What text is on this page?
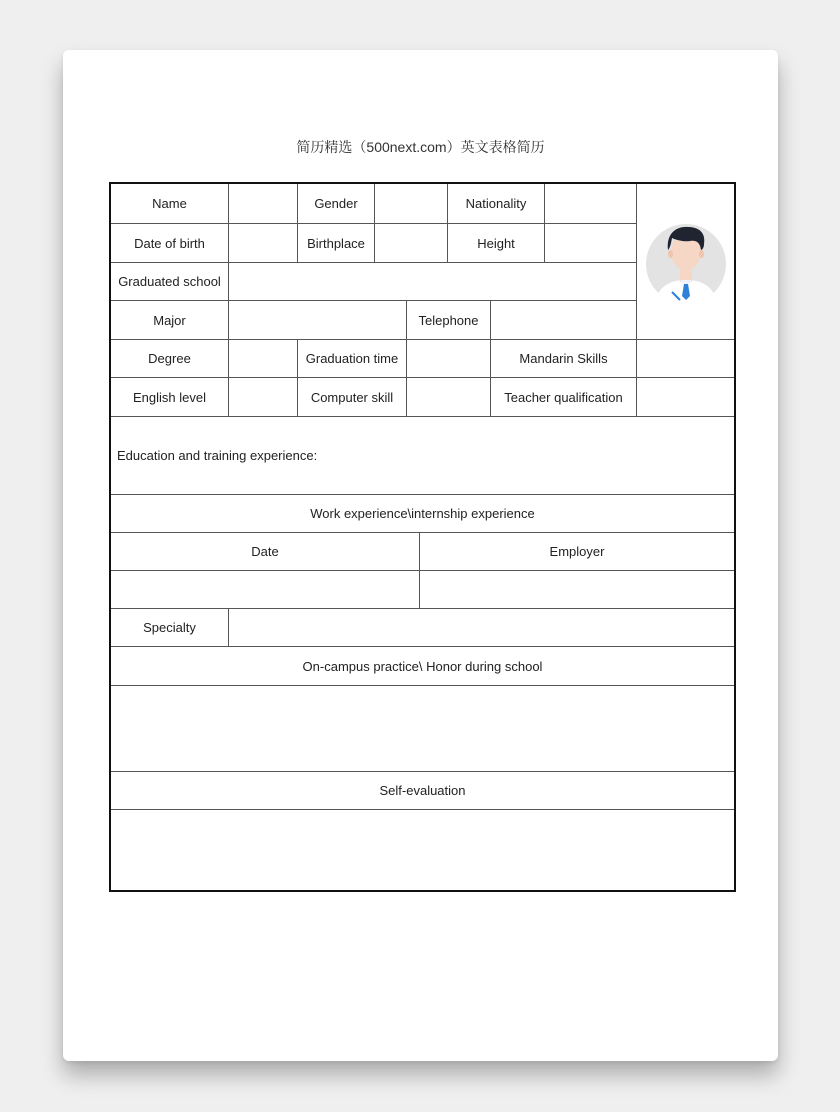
简历精选（500next.com）英文表格简历
Name	Gender	Nationality
Date of birth	Birthplace	Height
Graduated school
Major	Telephone
Degree	Graduation time	Mandarin Skills
English level	Computer skill	Teacher qualification
Education and training experience:
Work experience\internship experience
Date	Employer
Specialty
On-campus practice\ Honor during school
Self-evaluation
